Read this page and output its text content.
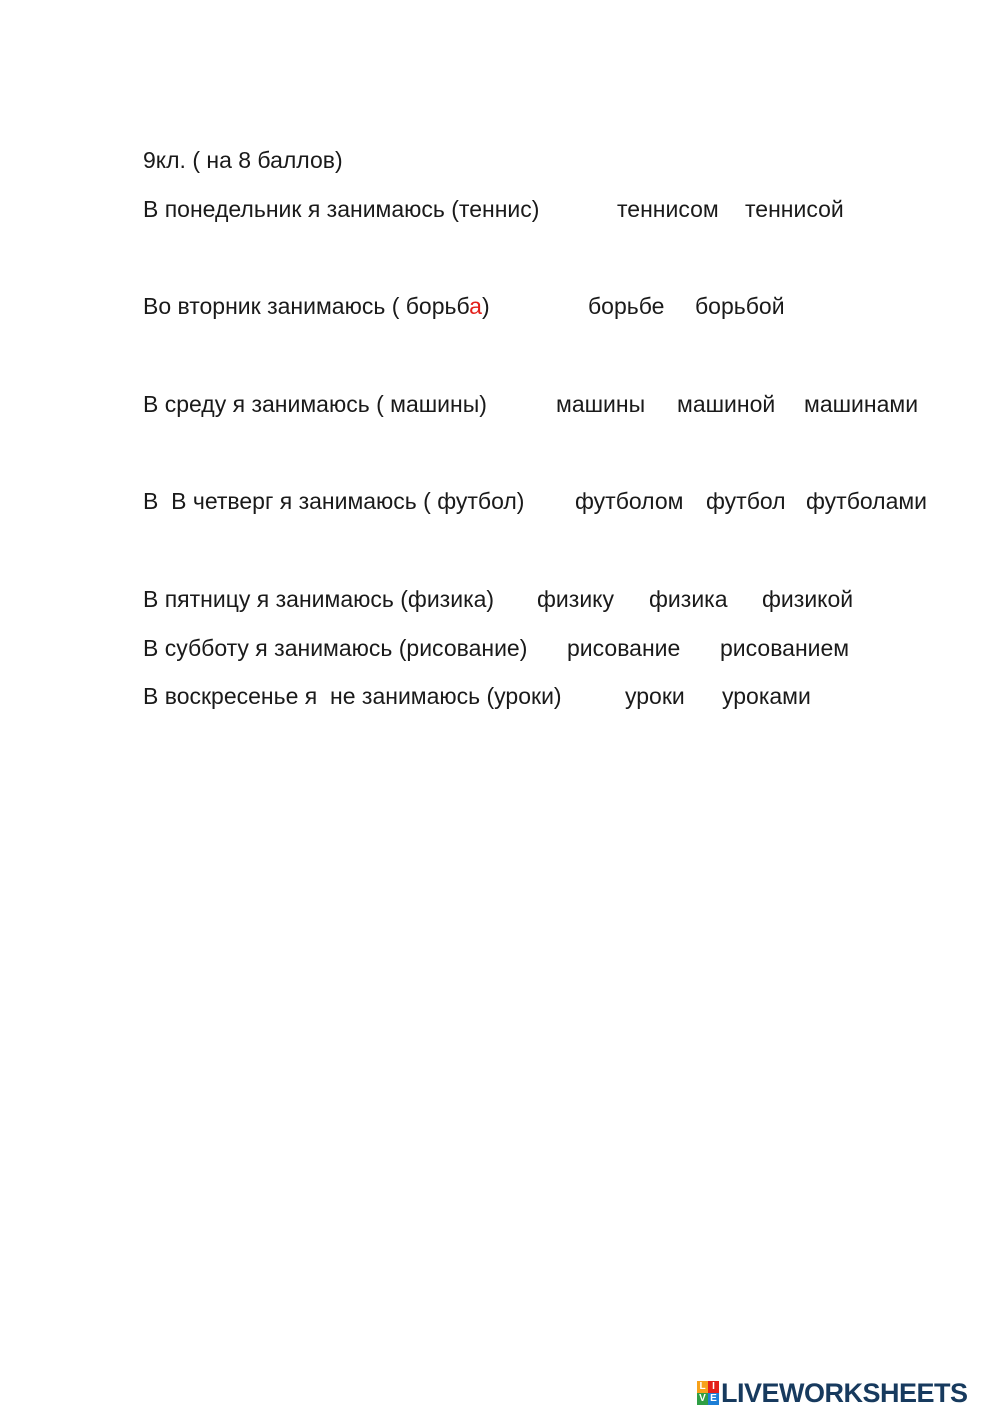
9кл. ( на 8 баллов)
В понедельник я занимаюсь (теннис)	теннисом теннисой
Во вторник занимаюсь ( борьба)	борьбе борьбой
В среду я занимаюсь ( машины)	машины машиной машинами
В  В четверг я занимаюсь ( футбол) футболом футбол футболами
В пятницу я занимаюсь (физика) физику физика физикой
В субботу я занимаюсь (рисование) рисование рисованием
В воскресенье я  не занимаюсь (уроки)	уроки уроками
L I
V E LIVEWORKSHEETS
